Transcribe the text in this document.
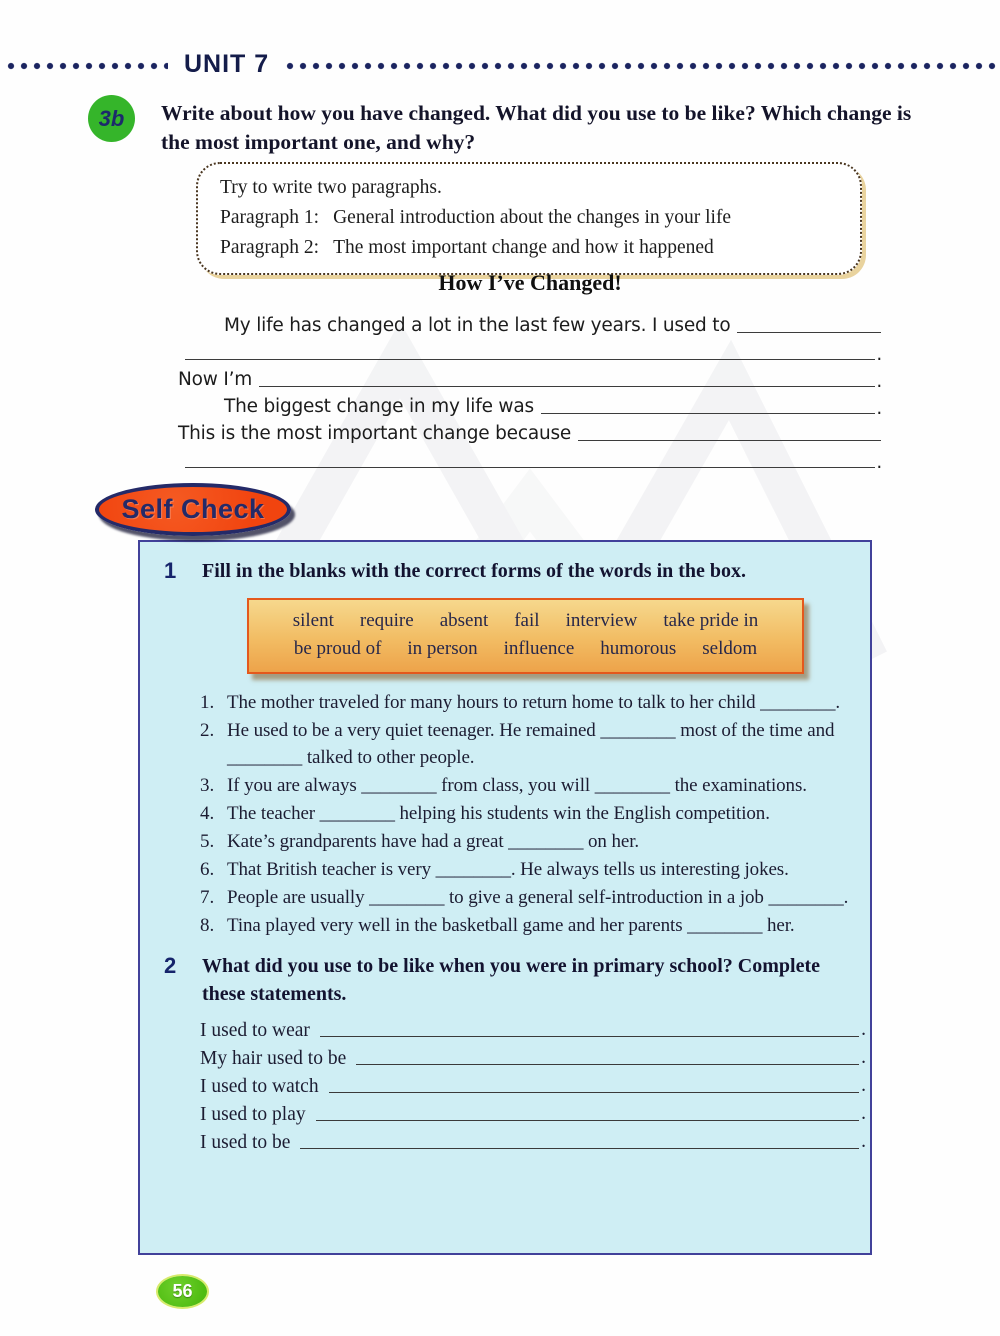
UNIT 7
3b Write about how you have changed. What did you use to be like? Which change is the most important one, and why?
Try to write two paragraphs.
Paragraph 1: General introduction about the changes in your life
Paragraph 2: The most important change and how it happened
How I’ve Changed!
My life has changed a lot in the last few years. I used to
.
Now I’m	.
The biggest change in my life was	.
This is the most important change because
.
Self Check
1	Fill in the blanks with the correct forms of the words in the box.
silent require absent fail interview take pride in
be proud of in person influence humorous seldom
1. The mother traveled for many hours to return home to talk to her child ________.
2. He used to be a very quiet teenager. He remained ________ most of the time and ________ talked to other people.
3. If you are always ________ from class, you will ________ the examinations.
4. The teacher ________ helping his students win the English competition.
5. Kate’s grandparents have had a great ________ on her.
6. That British teacher is very ________. He always tells us interesting jokes.
7. People are usually ________ to give a general self-introduction in a job ________.
8. Tina played very well in the basketball game and her parents ________ her.
2	What did you use to be like when you were in primary school? Complete these statements.
I used to wear	.
My hair used to be	.
I used to watch	.
I used to play	.
I used to be	.
56
